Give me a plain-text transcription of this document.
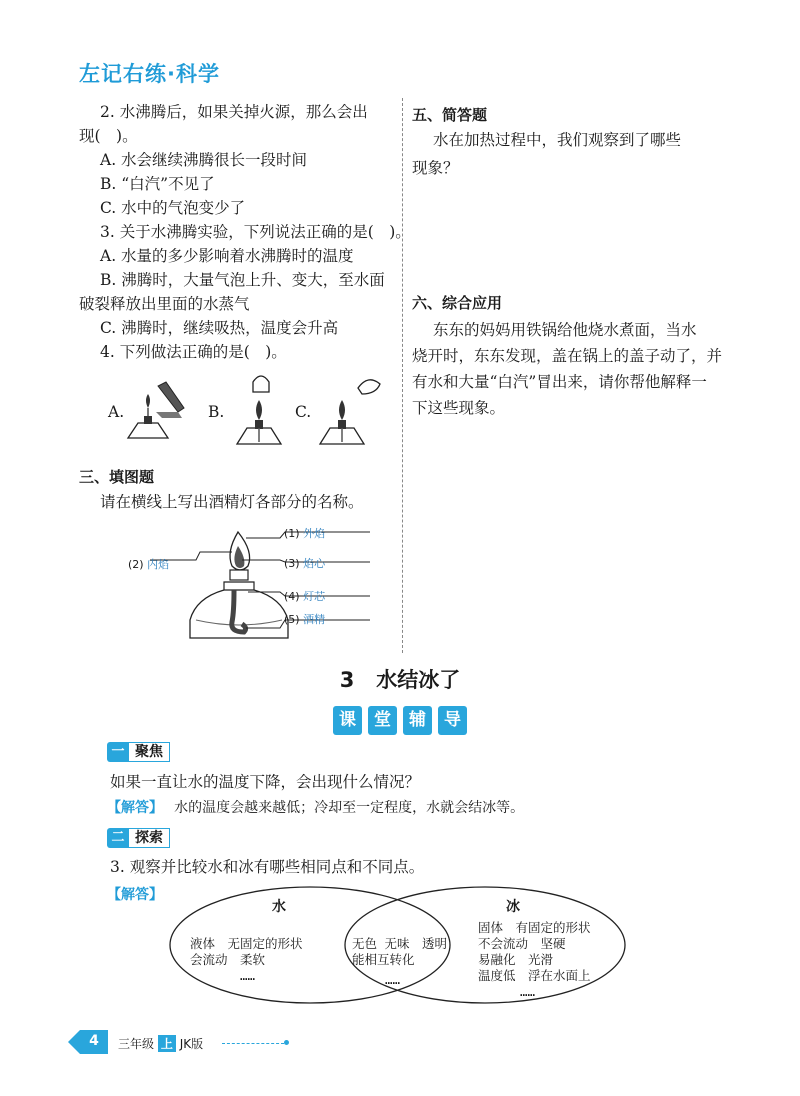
左记右练·科学
2. 水沸腾后，如果关掉火源，那么会出
现(　)。
A. 水会继续沸腾很长一段时间
B. “白汽”不见了
C. 水中的气泡变少了
3. 关于水沸腾实验，下列说法正确的是(　)。
A. 水量的多少影响着水沸腾时的温度
B. 沸腾时，大量气泡上升、变大，至水面
破裂释放出里面的水蒸气
C. 沸腾时，继续吸热，温度会升高
4. 下列做法正确的是(　)。
A.	B.	C.
三、填图题
请在横线上写出酒精灯各部分的名称。
(1) 外焰
(2) 内焰	(3) 焰心
(4) 灯芯
(5) 酒精
五、简答题
水在加热过程中，我们观察到了哪些
现象？
六、综合应用
东东的妈妈用铁锅给他烧水煮面，当水
烧开时，东东发现，盖在锅上的盖子动了，并
有水和大量“白汽”冒出来，请你帮他解释一
下这些现象。
3 水结冰了
课	堂	辅	导
一 聚焦
如果一直让水的温度下降，会出现什么情况？
【解答】 水的温度会越来越低；冷却至一定程度，水就会结冰等。
二 探索
3. 观察并比较水和冰有哪些相同点和不同点。
【解答】
水	冰
液体　无固定的形状
会流动　柔软
……
无色 无味　透明
能相互转化
……
固体　有固定的形状
不会流动　坚硬
易融化　光滑
温度低　浮在水面上
……
4	三年级 上 JK版
